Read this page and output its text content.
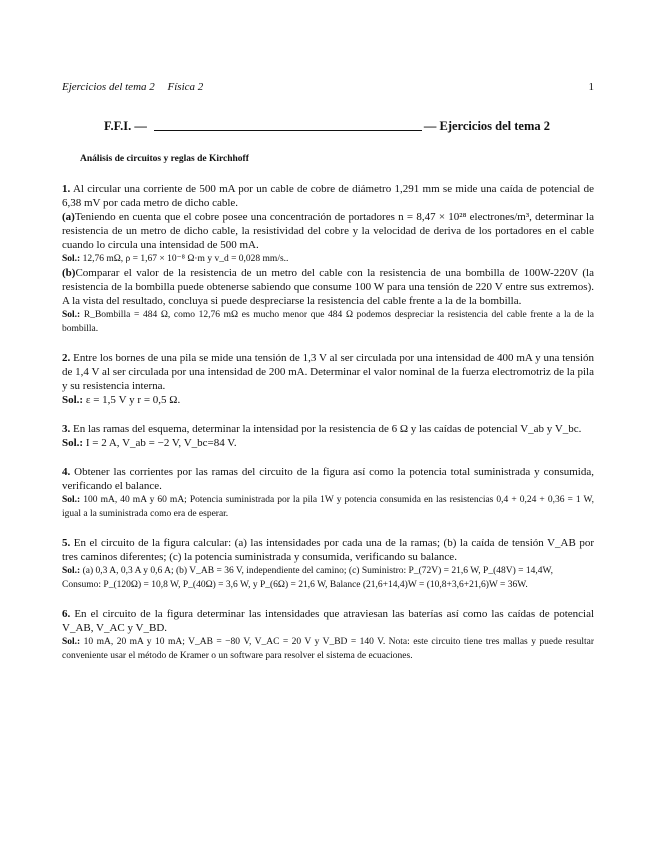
Ejercicios del tema 2 Física 2	1
F.F.I. —	— Ejercicios del tema 2
Análisis de circuitos y reglas de Kirchhoff

1. Al circular una corriente de 500 mA por un cable de cobre de diámetro 1,291 mm se mide una caída de potencial de 6,38 mV por cada metro de dicho cable.

(a)Teniendo en cuenta que el cobre posee una concentración de portadores n = 8,47 × 10²⁸ electrones/m³, determinar la resistencia de un metro de dicho cable, la resistividad del cobre y la velocidad de deriva de los portadores en el cable cuando lo circula una intensidad de 500 mA.

Sol.: 12,76 mΩ, ρ = 1,67 × 10⁻⁸ Ω·m y v_d = 0,028 mm/s..

(b)Comparar el valor de la resistencia de un metro del cable con la resistencia de una bombilla de 100W-220V (la resistencia de la bombilla puede obtenerse sabiendo que consume 100 W para una tensión de 220 V entre sus extremos). A la vista del resultado, concluya si puede despreciarse la resistencia del cable frente a la de la bombilla.

Sol.: R_Bombilla = 484 Ω, como 12,76 mΩ es mucho menor que 484 Ω podemos despreciar la resistencia del cable frente a la de la bombilla.

2. Entre los bornes de una pila se mide una tensión de 1,3 V al ser circulada por una intensidad de 400 mA y una tensión de 1,4 V al ser circulada por una intensidad de 200 mA. Determinar el valor nominal de la fuerza electromotriz de la pila y su resistencia interna.

Sol.: ε = 1,5 V y r = 0,5 Ω.

3. En las ramas del esquema, determinar la intensidad por la resistencia de 6 Ω y las caídas de potencial V_ab y V_bc.

Sol.: I = 2 A, V_ab = −2 V, V_bc=84 V.

4. Obtener las corrientes por las ramas del circuito de la figura así como la potencia total suministrada y consumida, verificando el balance.

Sol.: 100 mA, 40 mA y 60 mA; Potencia suministrada por la pila 1W y potencia consumida en las resistencias 0,4 + 0,24 + 0,36 = 1 W, igual a la suministrada como era de esperar.

5. En el circuito de la figura calcular: (a) las intensidades por cada una de la ramas; (b) la caída de tensión V_AB por tres caminos diferentes; (c) la potencia suministrada y consumida, verificando su balance.

Sol.: (a) 0,3 A, 0,3 A y 0,6 A; (b) V_AB = 36 V, independiente del camino; (c) Suministro: P_(72V) = 21,6 W, P_(48V) = 14,4W,
Consumo: P_(120Ω) = 10,8 W, P_(40Ω) = 3,6 W, y P_(6Ω) = 21,6 W, Balance (21,6+14,4)W = (10,8+3,6+21,6)W = 36W.

6. En el circuito de la figura determinar las intensidades que atraviesan las baterías así como las caídas de potencial V_AB, V_AC y V_BD.

Sol.: 10 mA, 20 mA y 10 mA; V_AB = −80 V, V_AC = 20 V y V_BD = 140 V. Nota: este circuito tiene tres mallas y puede resultar conveniente usar el método de Kramer o un software para resolver el sistema de ecuaciones.
